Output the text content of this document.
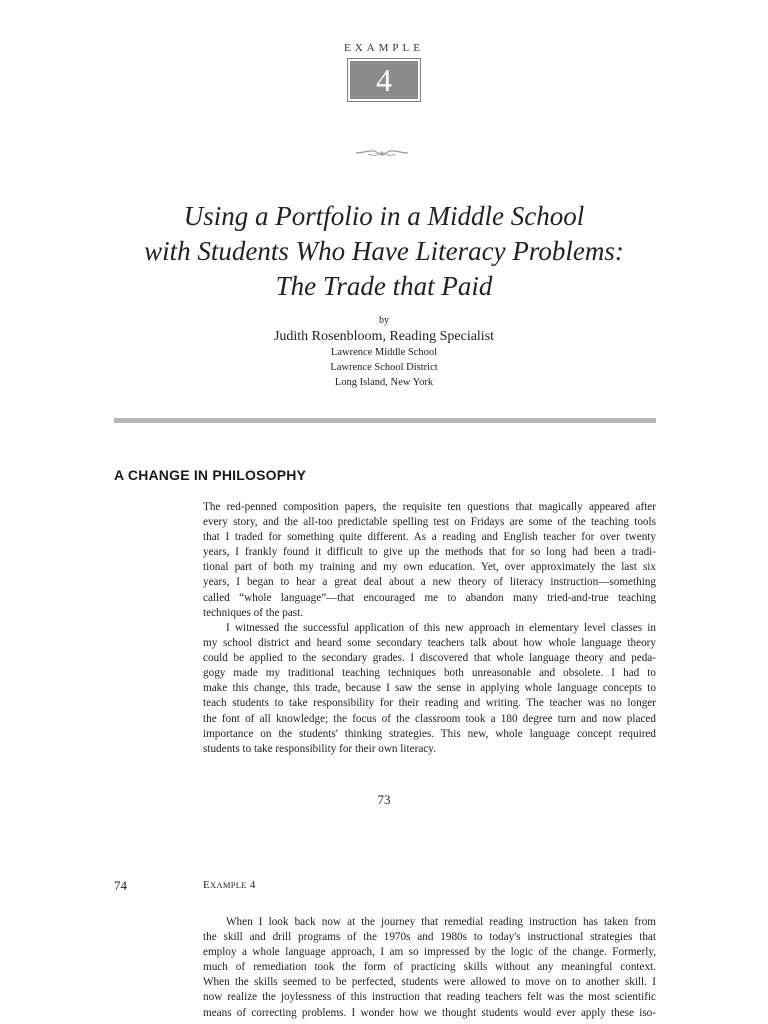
EXAMPLE
4
Using a Portfolio in a Middle School
with Students Who Have Literacy Problems:
The Trade that Paid
by
Judith Rosenbloom, Reading Specialist
Lawrence Middle School
Lawrence School District
Long Island, New York
A CHANGE IN PHILOSOPHY
The red-penned composition papers, the requisite ten questions that magically appeared after
every story, and the all-too predictable spelling test on Fridays are some of the teaching tools
that I traded for something quite different. As a reading and English teacher for over twenty
years, I frankly found it difficult to give up the methods that for so long had been a tradi-
tional part of both my training and my own education. Yet, over approximately the last six
years, I began to hear a great deal about a new theory of literacy instruction—something
called “whole language”—that encouraged me to abandon many tried-and-true teaching
techniques of the past.
I witnessed the successful application of this new approach in elementary level classes in
my school district and heard some secondary teachers talk about how whole language theory
could be applied to the secondary grades. I discovered that whole language theory and peda-
gogy made my traditional teaching techniques both unreasonable and obsolete. I had to
make this change, this trade, because I saw the sense in applying whole language concepts to
teach students to take responsibility for their reading and writing. The teacher was no longer
the font of all knowledge; the focus of the classroom took a 180 degree turn and now placed
importance on the students' thinking strategies. This new, whole language concept required
students to take responsibility for their own literacy.
73
74	EXAMPLE 4
When I look back now at the journey that remedial reading instruction has taken from
the skill and drill programs of the 1970s and 1980s to today's instructional strategies that
employ a whole language approach, I am so impressed by the logic of the change. Formerly,
much of remediation took the form of practicing skills without any meaningful context.
When the skills seemed to be perfected, students were allowed to move on to another skill. I
now realize the joylessness of this instruction that reading teachers felt was the most scientific
means of correcting problems. I wonder how we thought students would ever apply these iso-
